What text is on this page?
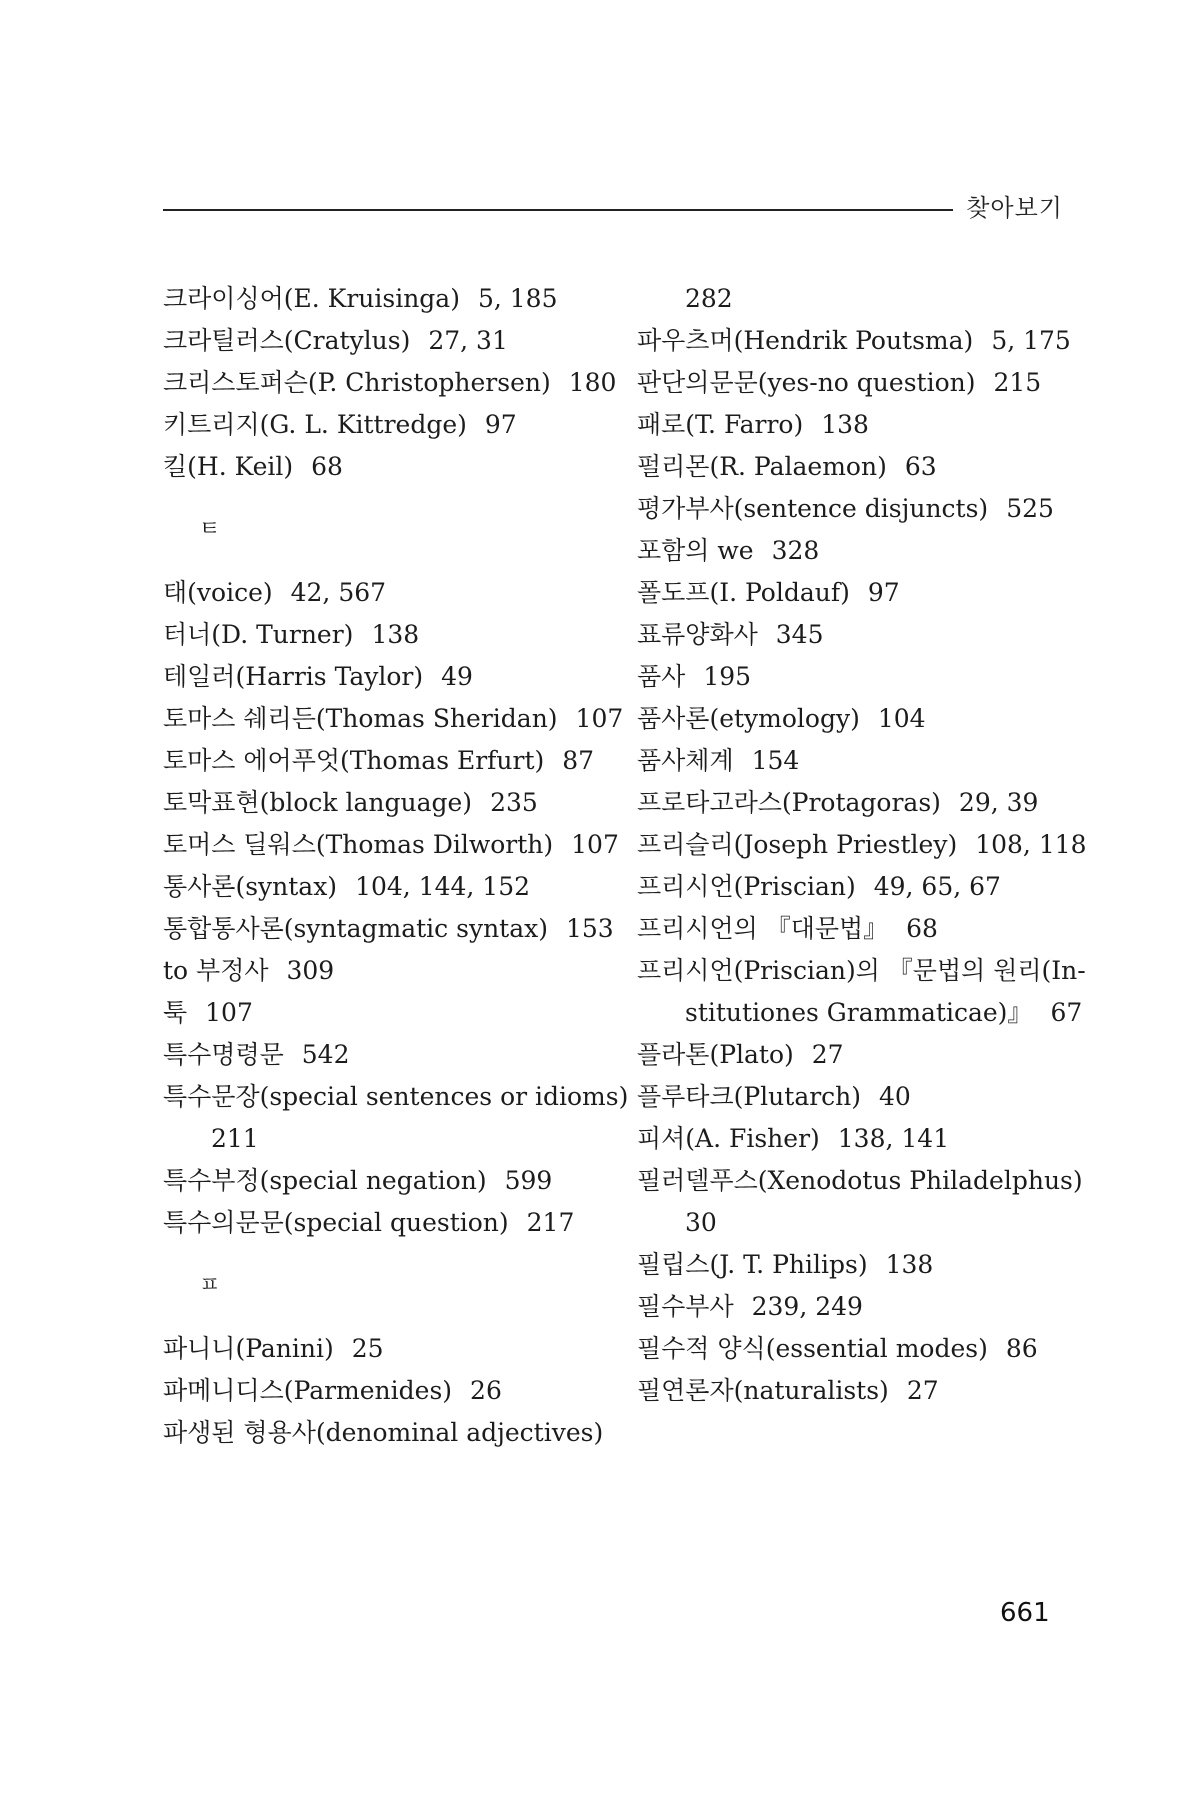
찾아보기
크라이싱어(E. Kruisinga) 5, 185
크라틸러스(Cratylus) 27, 31
크리스토퍼슨(P. Christophersen) 180
키트리지(G. L. Kittredge) 97
킬(H. Keil) 68
ㅌ
태(voice) 42, 567
터너(D. Turner) 138
테일러(Harris Taylor) 49
토마스 쉐리든(Thomas Sheridan) 107
토마스 에어푸엇(Thomas Erfurt) 87
토막표현(block language) 235
토머스 딜워스(Thomas Dilworth) 107
통사론(syntax) 104, 144, 152
통합통사론(syntagmatic syntax) 153
to 부정사 309
툭 107
특수명령문 542
특수문장(special sentences or idioms)
211
특수부정(special negation) 599
특수의문문(special question) 217
ㅍ
파니니(Panini) 25
파메니디스(Parmenides) 26
파생된 형용사(denominal adjectives)
282
파우츠머(Hendrik Poutsma) 5, 175
판단의문문(yes-no question) 215
패로(T. Farro) 138
펄리몬(R. Palaemon) 63
평가부사(sentence disjuncts) 525
포함의 we 328
폴도프(I. Poldauf) 97
표류양화사 345
품사 195
품사론(etymology) 104
품사체계 154
프로타고라스(Protagoras) 29, 39
프리슬리(Joseph Priestley) 108, 118
프리시언(Priscian) 49, 65, 67
프리시언의 『대문법』 68
프리시언(Priscian)의 『문법의 원리(In-
stitutiones Grammaticae)』 67
플라톤(Plato) 27
플루타크(Plutarch) 40
피셔(A. Fisher) 138, 141
필러델푸스(Xenodotus Philadelphus)
30
필립스(J. T. Philips) 138
필수부사 239, 249
필수적 양식(essential modes) 86
필연론자(naturalists) 27
661
